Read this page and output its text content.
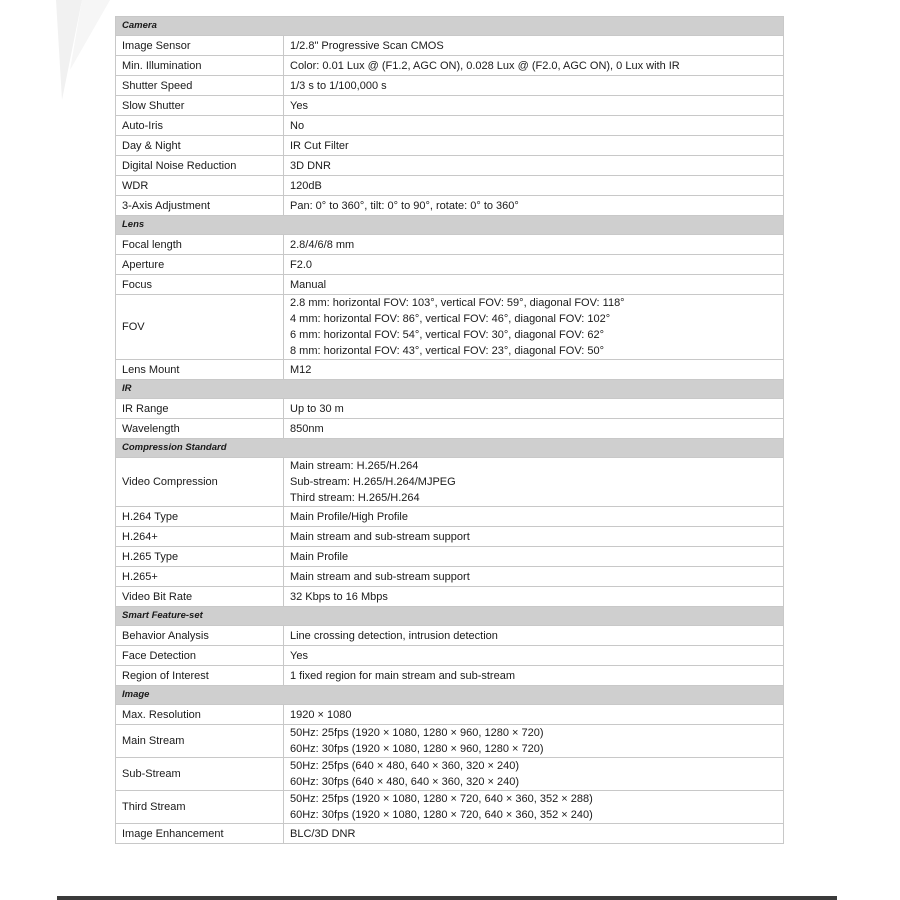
Camera	
Image Sensor	1/2.8" Progressive Scan CMOS

Min. Illumination	Color: 0.01 Lux @ (F1.2, AGC ON), 0.028 Lux @ (F2.0, AGC ON), 0 Lux with IR

Shutter Speed	1/3 s to 1/100,000 s

Slow Shutter	Yes

Auto-Iris	No

Day & Night	IR Cut Filter

Digital Noise Reduction	3D DNR

WDR	120dB

3-Axis Adjustment	Pan: 0° to 360°, tilt: 0° to 90°, rotate: 0° to 360°

Lens	
Focal length	2.8/4/6/8 mm

Aperture	F2.0

Focus	Manual

FOV	2.8 mm: horizontal FOV: 103°, vertical FOV: 59°, diagonal FOV: 118°
4 mm: horizontal FOV: 86°, vertical FOV: 46°, diagonal FOV: 102°
6 mm: horizontal FOV: 54°, vertical FOV: 30°, diagonal FOV: 62°
8 mm: horizontal FOV: 43°, vertical FOV: 23°, diagonal FOV: 50°

Lens Mount	M12

IR	
IR Range	Up to 30 m

Wavelength	850nm

Compression Standard	
Video Compression	Main stream: H.265/H.264
Sub-stream: H.265/H.264/MJPEG
Third stream: H.265/H.264

H.264 Type	Main Profile/High Profile

H.264+	Main stream and sub-stream support

H.265 Type	Main Profile

H.265+	Main stream and sub-stream support

Video Bit Rate	32 Kbps to 16 Mbps

Smart Feature-set	
Behavior Analysis	Line crossing detection, intrusion detection

Face Detection	Yes

Region of Interest	1 fixed region for main stream and sub-stream

Image	
Max. Resolution	1920 × 1080

Main Stream	50Hz: 25fps (1920 × 1080, 1280 × 960, 1280 × 720)
60Hz: 30fps (1920 × 1080, 1280 × 960, 1280 × 720)

Sub-Stream	50Hz: 25fps (640 × 480, 640 × 360, 320 × 240)
60Hz: 30fps (640 × 480, 640 × 360, 320 × 240)

Third Stream	50Hz: 25fps (1920 × 1080, 1280 × 720, 640 × 360, 352 × 288)
60Hz: 30fps (1920 × 1080, 1280 × 720, 640 × 360, 352 × 240)

Image Enhancement	BLC/3D DNR
